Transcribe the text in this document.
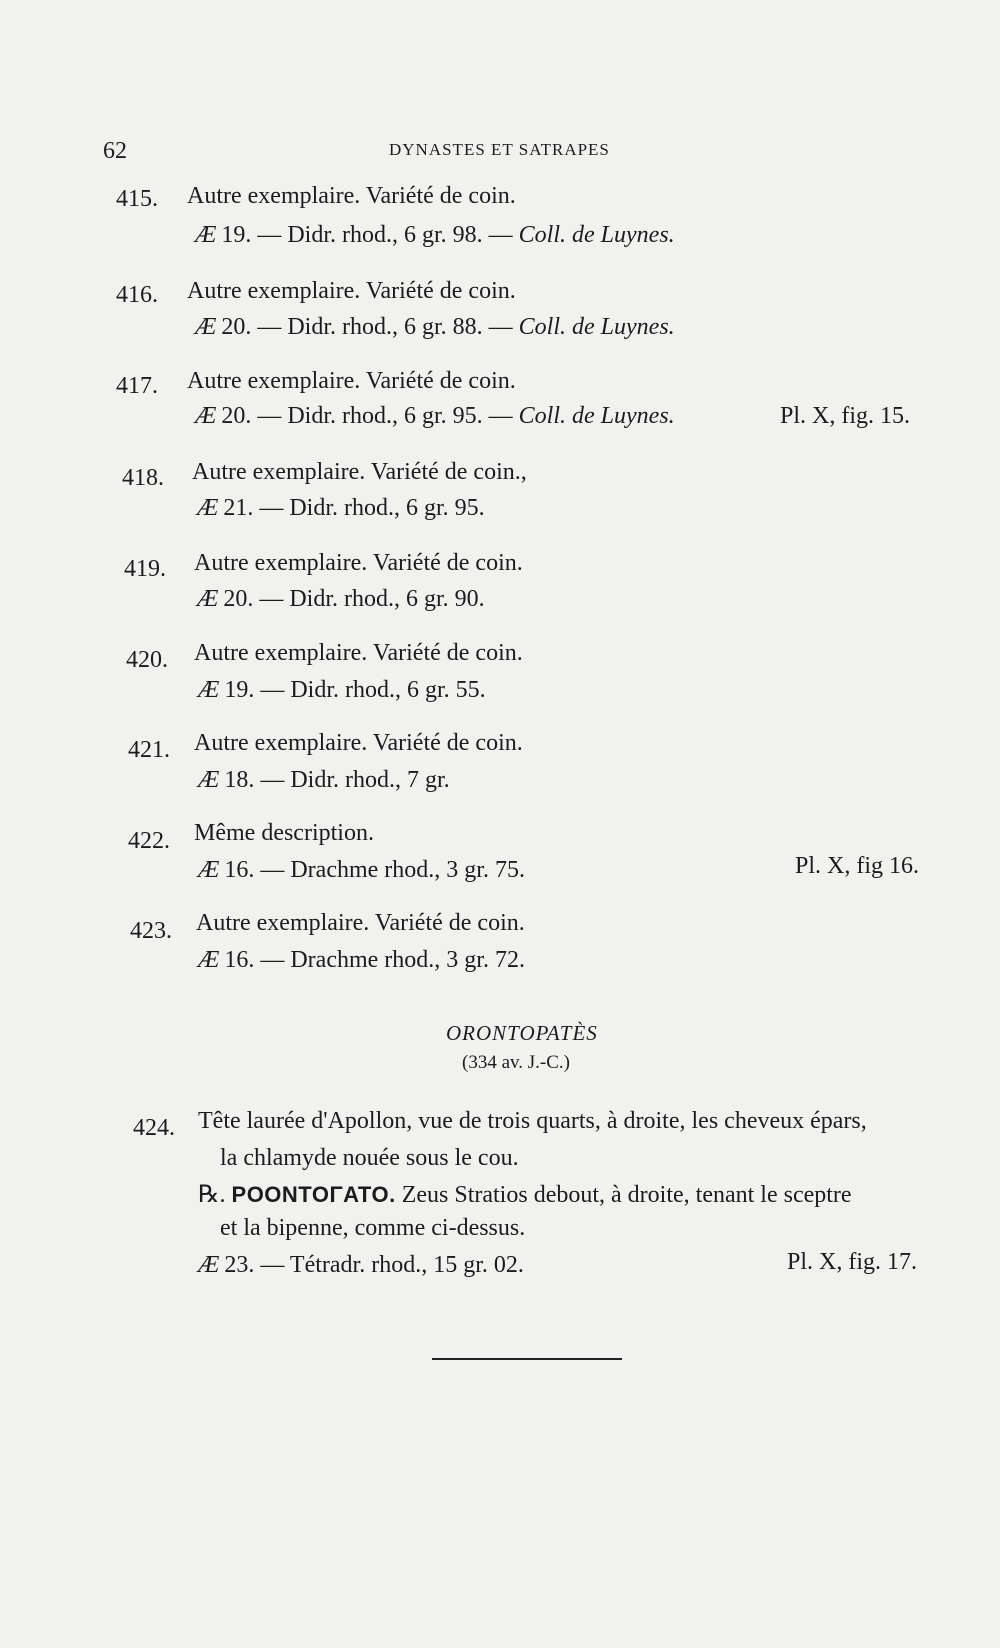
62	DYNASTES ET SATRAPES
415. Autre exemplaire. Variété de coin.
Æ 19. — Didr. rhod., 6 gr. 98. — Coll. de Luynes.
416. Autre exemplaire. Variété de coin.
Æ 20. — Didr. rhod., 6 gr. 88. — Coll. de Luynes.
417. Autre exemplaire. Variété de coin.
Æ 20. — Didr. rhod., 6 gr. 95. — Coll. de Luynes.	Pl. X, fig. 15.
418. Autre exemplaire. Variété de coin.,
Æ 21. — Didr. rhod., 6 gr. 95.
419. Autre exemplaire. Variété de coin.
Æ 20. — Didr. rhod., 6 gr. 90.
420. Autre exemplaire. Variété de coin.
Æ 19. — Didr. rhod., 6 gr. 55.
421. Autre exemplaire. Variété de coin.
Æ 18. — Didr. rhod., 7 gr.
422. Même description.
Æ 16. — Drachme rhod., 3 gr. 75.	Pl. X, fig 16.
423. Autre exemplaire. Variété de coin.
Æ 16. — Drachme rhod., 3 gr. 72.
ORONTOPATÈS
(334 av. J.-C.)
424. Tête laurée d'Apollon, vue de trois quarts, à droite, les cheveux épars,
la chlamyde nouée sous le cou.
℞. POONTOΓATO. Zeus Stratios debout, à droite, tenant le sceptre
et la bipenne, comme ci-dessus.
Æ 23. — Tétradr. rhod., 15 gr. 02.	Pl. X, fig. 17.
